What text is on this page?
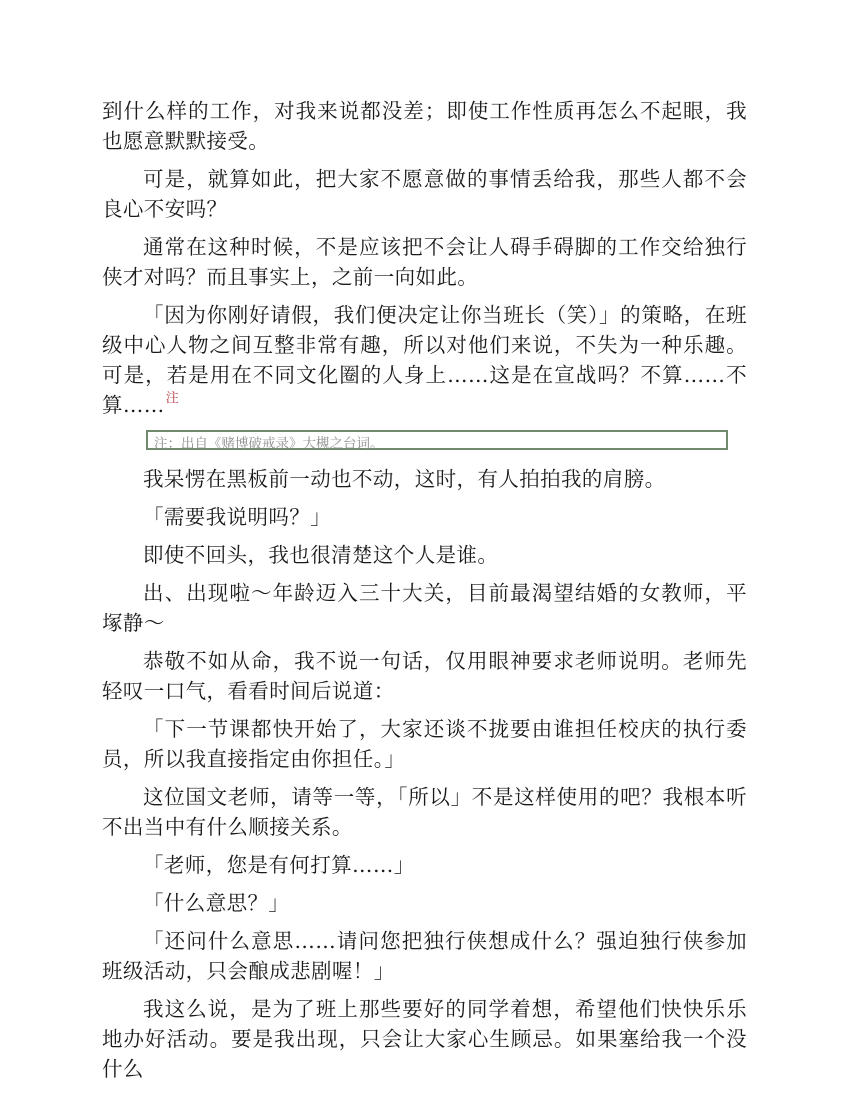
到什么样的工作，对我来说都没差；即使工作性质再怎么不起眼，我也愿意默默接受。

可是，就算如此，把大家不愿意做的事情丢给我，那些人都不会良心不安吗？

通常在这种时候，不是应该把不会让人碍手碍脚的工作交给独行侠才对吗？而且事实上，之前一向如此。

「因为你刚好请假，我们便决定让你当班长（笑）」的策略，在班级中心人物之间互整非常有趣，所以对他们来说，不失为一种乐趣。可是，若是用在不同文化圈的人身上……这是在宣战吗？不算……不算……$^注$

注：出自《赌博破戒录》大槻之台词。

我呆愣在黑板前一动也不动，这时，有人拍拍我的肩膀。

「需要我说明吗？」

即使不回头，我也很清楚这个人是谁。

出、出现啦～年龄迈入三十大关，目前最渴望结婚的女教师，平塚静～

恭敬不如从命，我不说一句话，仅用眼神要求老师说明。老师先轻叹一口气，看看时间后说道：

「下一节课都快开始了，大家还谈不拢要由谁担任校庆的执行委员，所以我直接指定由你担任。」

这位国文老师，请等一等，「所以」不是这样使用的吧？我根本听不出当中有什么顺接关系。

「老师，您是有何打算……」

「什么意思？」

「还问什么意思……请问您把独行侠想成什么？强迫独行侠参加班级活动，只会酿成悲剧喔！」

我这么说，是为了班上那些要好的同学着想，希望他们快快乐乐地办好活动。要是我出现，只会让大家心生顾忌。如果塞给我一个没什么
